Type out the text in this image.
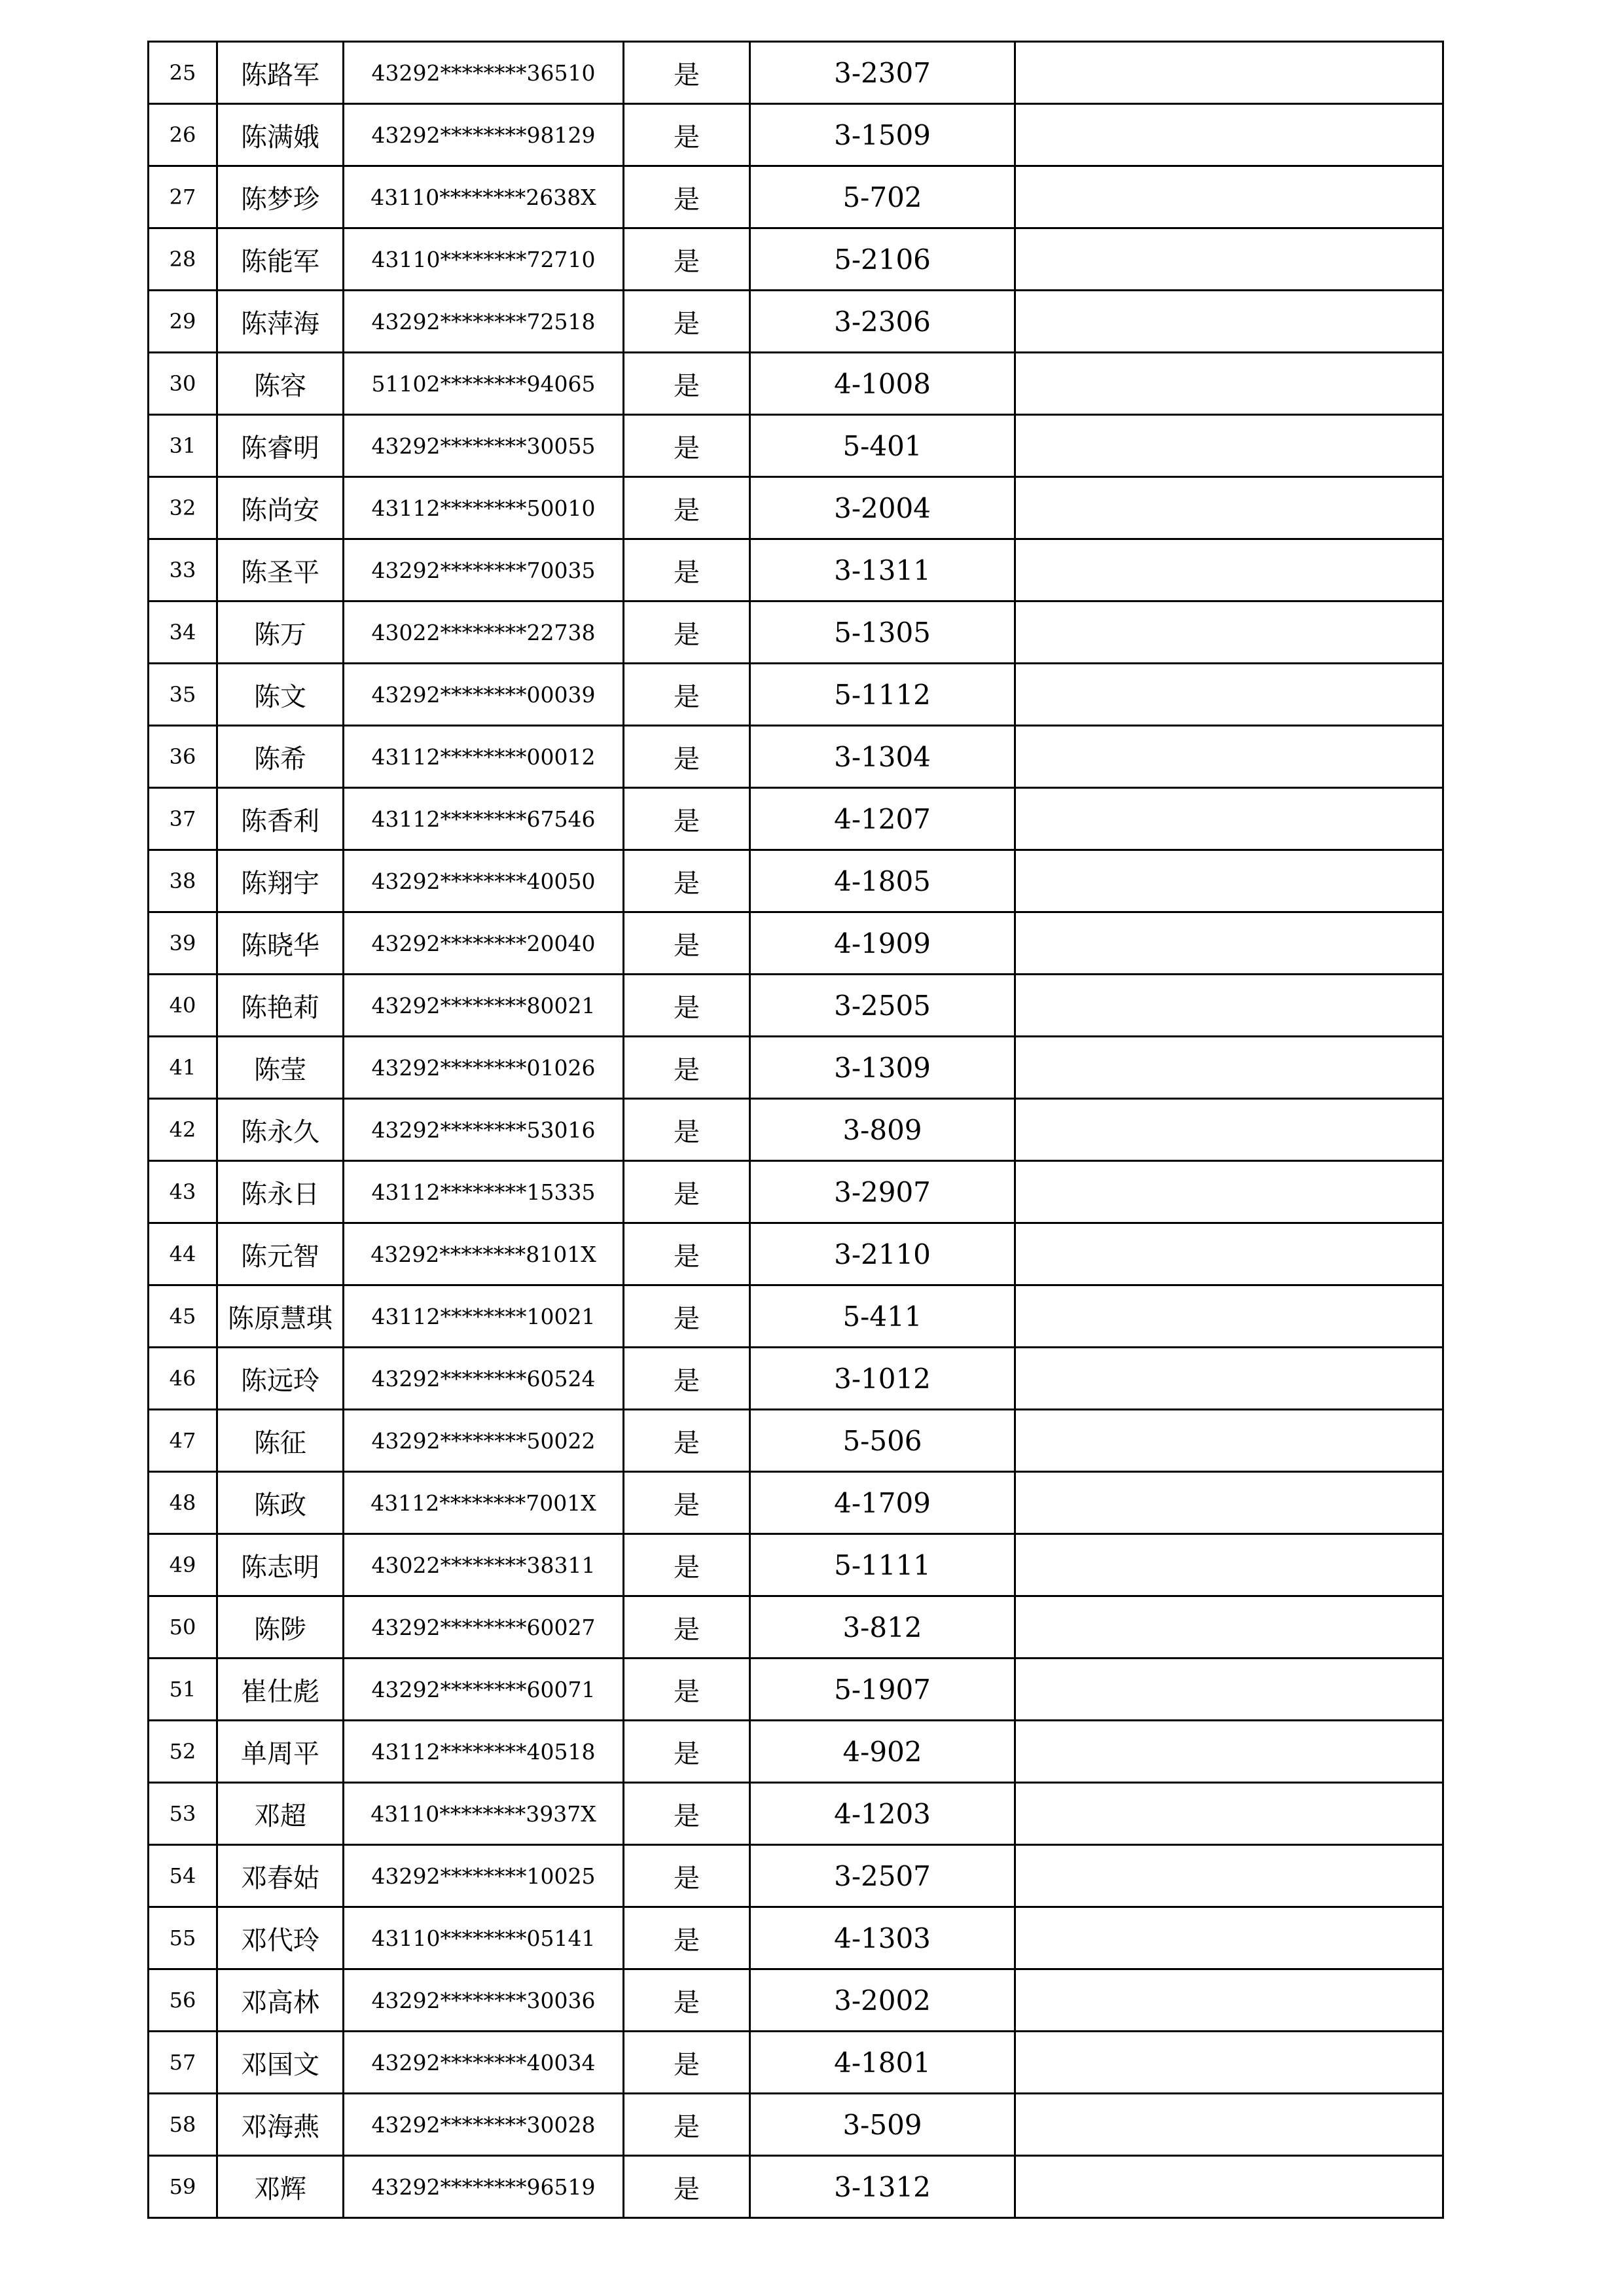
25	陈路军	43292********36510	是	3-2307	
26	陈满娥	43292********98129	是	3-1509	
27	陈梦珍	43110********2638X	是	5-702	
28	陈能军	43110********72710	是	5-2106	
29	陈萍海	43292********72518	是	3-2306	
30	陈容	51102********94065	是	4-1008	
31	陈睿明	43292********30055	是	5-401	
32	陈尚安	43112********50010	是	3-2004	
33	陈圣平	43292********70035	是	3-1311	
34	陈万	43022********22738	是	5-1305	
35	陈文	43292********00039	是	5-1112	
36	陈希	43112********00012	是	3-1304	
37	陈香利	43112********67546	是	4-1207	
38	陈翔宇	43292********40050	是	4-1805	
39	陈晓华	43292********20040	是	4-1909	
40	陈艳莉	43292********80021	是	3-2505	
41	陈莹	43292********01026	是	3-1309	
42	陈永久	43292********53016	是	3-809	
43	陈永日	43112********15335	是	3-2907	
44	陈元智	43292********8101X	是	3-2110	
45	陈原慧琪	43112********10021	是	5-411	
46	陈远玲	43292********60524	是	3-1012	
47	陈征	43292********50022	是	5-506	
48	陈政	43112********7001X	是	4-1709	
49	陈志明	43022********38311	是	5-1111	
50	陈陟	43292********60027	是	3-812	
51	崔仕彪	43292********60071	是	5-1907	
52	单周平	43112********40518	是	4-902	
53	邓超	43110********3937X	是	4-1203	
54	邓春姑	43292********10025	是	3-2507	
55	邓代玲	43110********05141	是	4-1303	
56	邓高林	43292********30036	是	3-2002	
57	邓国文	43292********40034	是	4-1801	
58	邓海燕	43292********30028	是	3-509	
59	邓辉	43292********96519	是	3-1312	
